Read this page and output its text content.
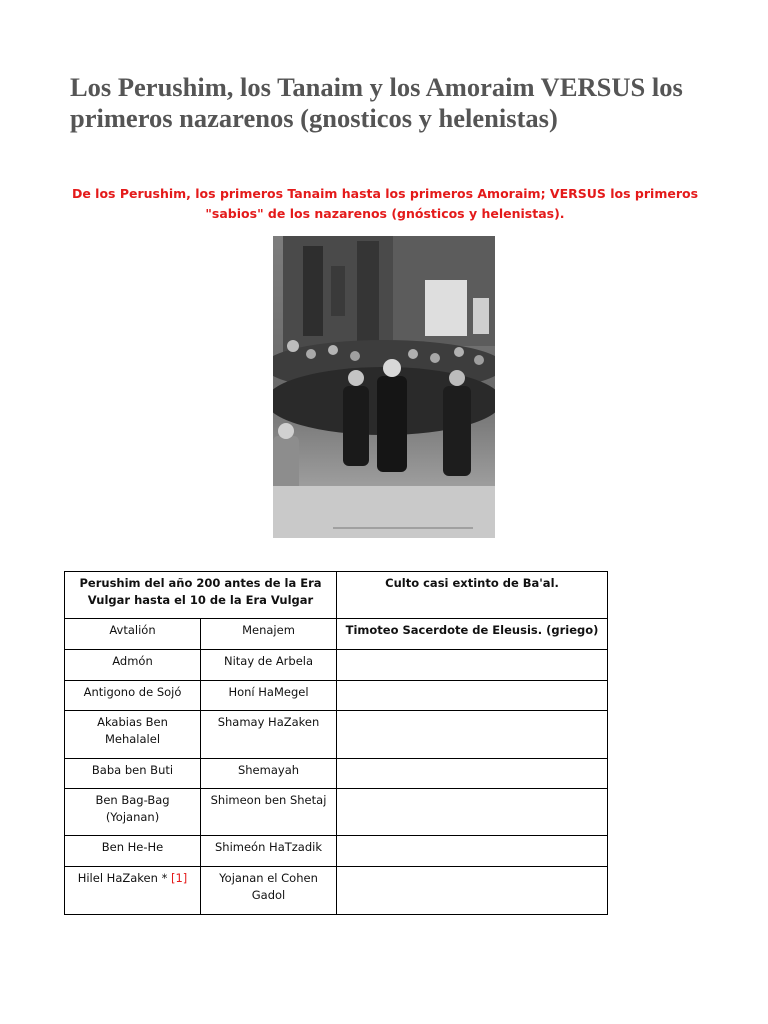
Los Perushim, los Tanaim y los Amoraim VERSUS los primeros nazarenos (gnosticos y helenistas)

De los Perushim, los primeros Tanaim hasta los primeros Amoraim; VERSUS los primeros "sabios" de los nazarenos (gnósticos y helenistas).

Perushim del año 200 antes de la Era Vulgar hasta el 10 de la Era Vulgar		Culto casi extinto de Ba'al.
Avtalión	Menajem	Timoteo Sacerdote de Eleusis. (griego)
Admón	Nitay de Arbela	
Antigono de Sojó	Honí HaMegel	
Akabias Ben Mehalalel	Shamay HaZaken	
Baba ben Buti	Shemayah	
Ben Bag-Bag (Yojanan)	Shimeon ben Shetaj	
Ben He-He	Shimeón HaTzadik	
Hilel HaZaken * [1]	Yojanan el Cohen Gadol	
